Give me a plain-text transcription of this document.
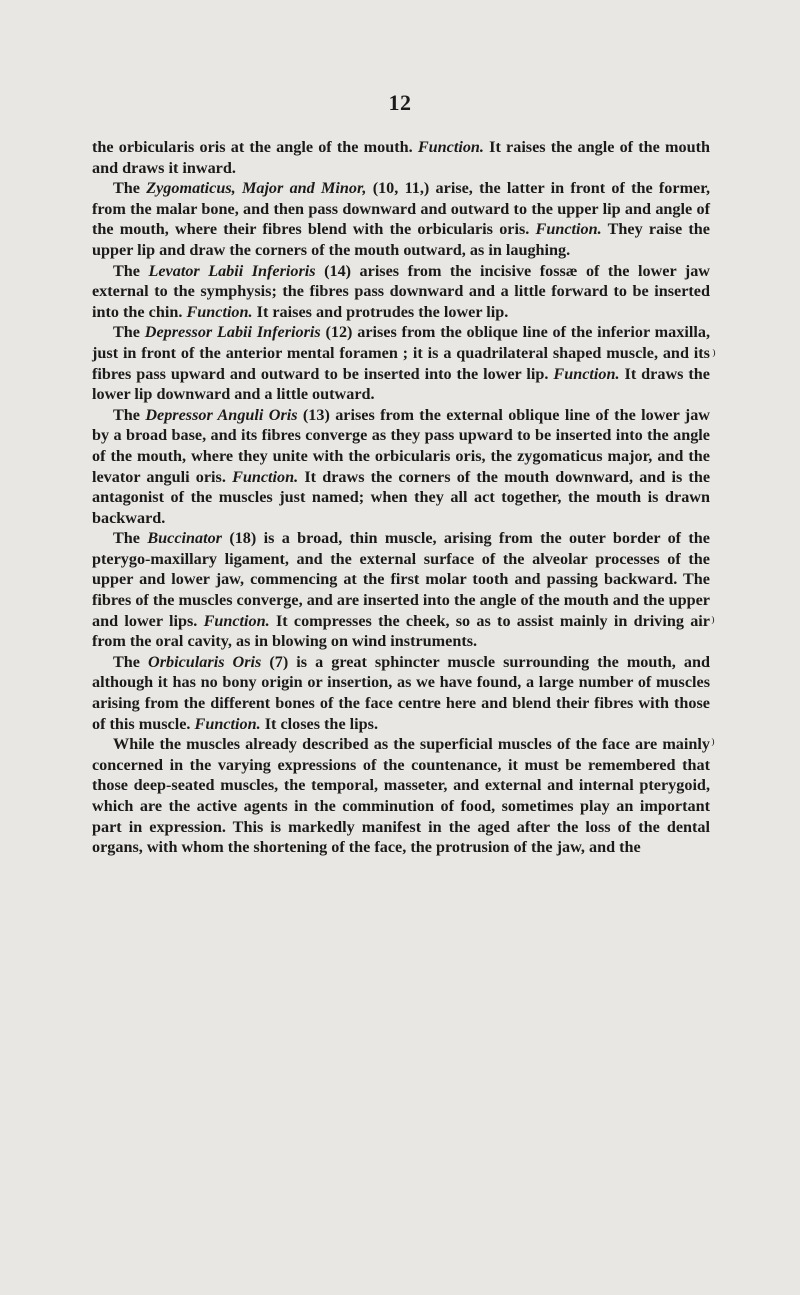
12

the orbicularis oris at the angle of the mouth. Function. It raises the angle of the mouth and draws it inward.

The Zygomaticus, Major and Minor, (10, 11,) arise, the latter in front of the former, from the malar bone, and then pass downward and outward to the upper lip and angle of the mouth, where their fibres blend with the orbicularis oris. Function. They raise the upper lip and draw the corners of the mouth outward, as in laughing.

The Levator Labii Inferioris (14) arises from the incisive fossæ of the lower jaw external to the symphysis; the fibres pass downward and a little forward to be inserted into the chin. Function. It raises and protrudes the lower lip.

The Depressor Labii Inferioris (12) arises from the oblique line of the inferior maxilla, just in front of the anterior mental foramen ; it is a quadrilateral shaped muscle, and its fibres pass upward and outward to be inserted into the lower lip. Function. It draws the lower lip downward and a little outward.

The Depressor Anguli Oris (13) arises from the external oblique line of the lower jaw by a broad base, and its fibres converge as they pass upward to be inserted into the angle of the mouth, where they unite with the orbicularis oris, the zygomaticus major, and the levator anguli oris. Function. It draws the corners of the mouth downward, and is the antagonist of the muscles just named; when they all act together, the mouth is drawn backward.

The Buccinator (18) is a broad, thin muscle, arising from the outer border of the pterygo-maxillary ligament, and the external surface of the alveolar processes of the upper and lower jaw, commencing at the first molar tooth and passing backward. The fibres of the muscles converge, and are inserted into the angle of the mouth and the upper and lower lips. Function. It compresses the cheek, so as to assist mainly in driving air from the oral cavity, as in blowing on wind instruments.

The Orbicularis Oris (7) is a great sphincter muscle surrounding the mouth, and although it has no bony origin or insertion, as we have found, a large number of muscles arising from the different bones of the face centre here and blend their fibres with those of this muscle. Function. It closes the lips.

While the muscles already described as the superficial muscles of the face are mainly concerned in the varying expressions of the countenance, it must be remembered that those deep-seated muscles, the temporal, masseter, and external and internal pterygoid, which are the active agents in the comminution of food, sometimes play an important part in expression. This is markedly manifest in the aged after the loss of the dental organs, with whom the shortening of the face, the protrusion of the jaw, and the

⁾
⁾
⁾
